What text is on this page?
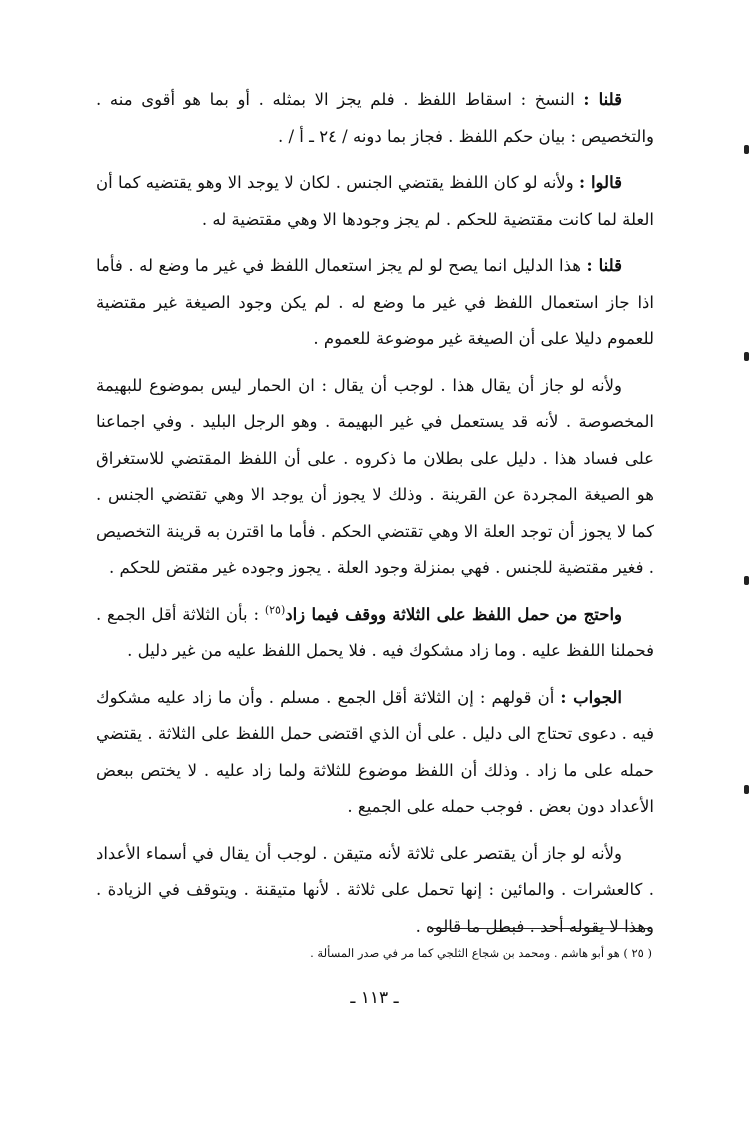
قلنا : النسخ : اسقاط اللفظ . فلم يجز الا بمثله . أو بما هو أقوى منه . والتخصيص : بيان حكم اللفظ . فجاز بما دونه / ٢٤ ـ أ / .

قالوا : ولأنه لو كان اللفظ يقتضي الجنس . لكان لا يوجد الا وهو يقتضيه كما أن العلة لما كانت مقتضية للحكم . لم يجز وجودها الا وهي مقتضية له .

قلنا : هذا الدليل انما يصح لو لم يجز استعمال اللفظ في غير ما وضع له . فأما اذا جاز استعمال اللفظ في غير ما وضع له . لم يكن وجود الصيغة غير مقتضية للعموم دليلا على أن الصيغة غير موضوعة للعموم .

ولأنه لو جاز أن يقال هذا . لوجب أن يقال : ان الحمار ليس بموضوع للبهيمة المخصوصة . لأنه قد يستعمل في غير البهيمة . وهو الرجل البليد . وفي اجماعنا على فساد هذا . دليل على بطلان ما ذكروه . على أن اللفظ المقتضي للاستغراق هو الصيغة المجردة عن القرينة . وذلك لا يجوز أن يوجد الا وهي تقتضي الجنس . كما لا يجوز أن توجد العلة الا وهي تقتضي الحكم . فأما ما اقترن به قرينة التخصيص . فغير مقتضية للجنس . فهي بمنزلة وجود العلة . يجوز وجوده غير مقتض للحكم .

واحتج من حمل اللفظ على الثلاثة ووقف فيما زاد$^{(٢٥)}$ : بأن الثلاثة أقل الجمع . فحملنا اللفظ عليه . وما زاد مشكوك فيه . فلا يحمل اللفظ عليه من غير دليل .

الجواب : أن قولهم : إن الثلاثة أقل الجمع . مسلم . وأن ما زاد عليه مشكوك فيه . دعوى تحتاج الى دليل . على أن الذي اقتضى حمل اللفظ على الثلاثة . يقتضي حمله على ما زاد . وذلك أن اللفظ موضوع للثلاثة ولما زاد عليه . لا يختص ببعض الأعداد دون بعض . فوجب حمله على الجميع .

ولأنه لو جاز أن يقتصر على ثلاثة لأنه متيقن . لوجب أن يقال في أسماء الأعداد . كالعشرات . والمائين : إنها تحمل على ثلاثة . لأنها متيقنة . ويتوقف في الزيادة . وهذا لا يقوله أحد . فبطل ما قالوه .

( ٢٥ ) هو أبو هاشم . ومحمد بن شجاع الثلجي كما مر في صدر المسألة .
ـ ١١٣ ـ
